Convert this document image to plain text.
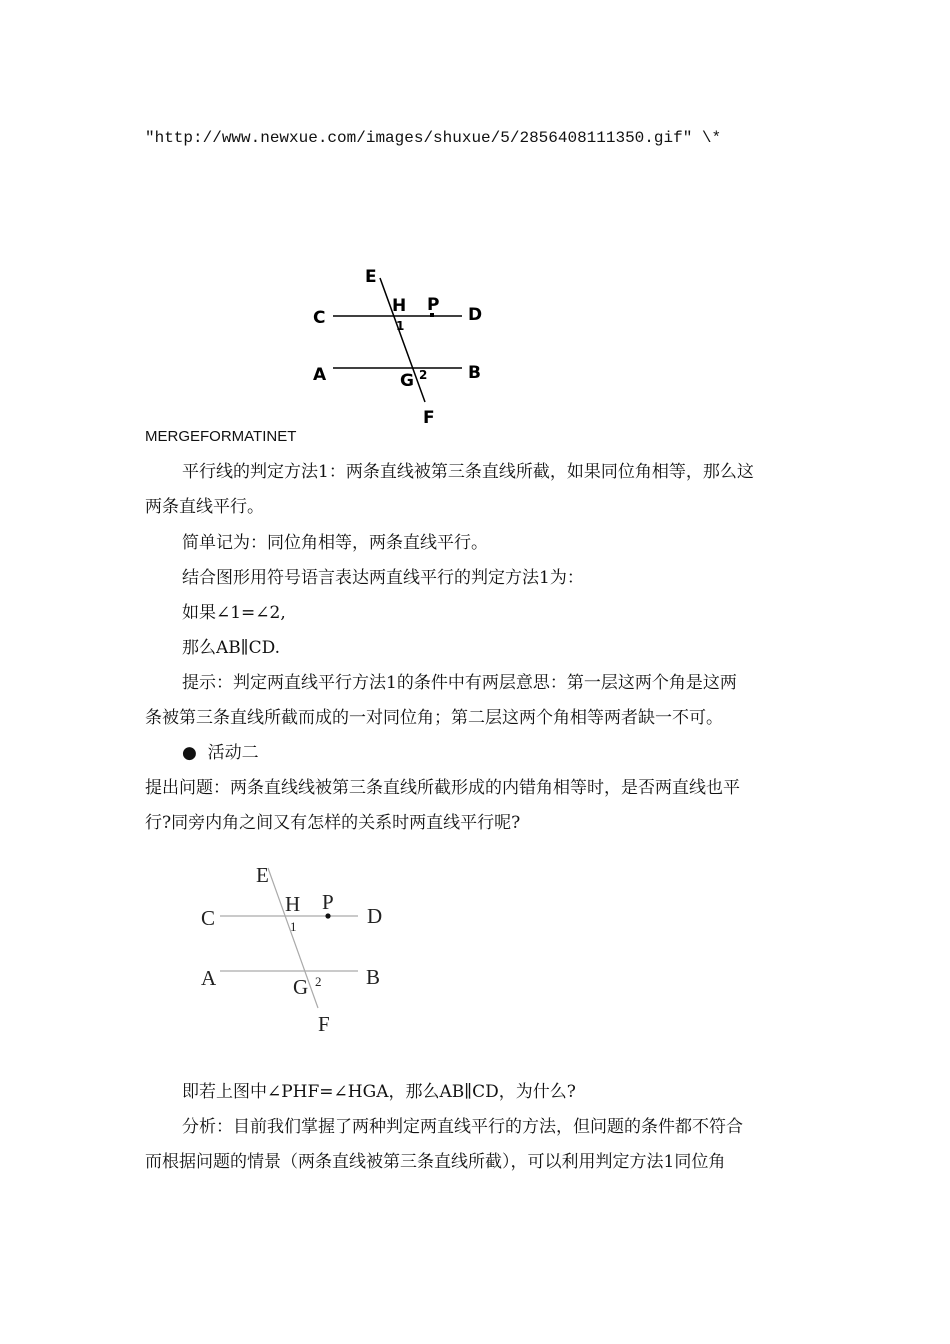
"http://www.newxue.com/images/shuxue/5/2856408111350.gif" \*
E
H P
C	D
1
A	G 2 B
F
MERGEFORMATINET
平行线的判定方法1：两条直线被第三条直线所截，如果同位角相等，那么这
两条直线平行。
简单记为：同位角相等，两条直线平行。
结合图形用符号语言表达两直线平行的判定方法1为：
如果∠1=∠2,
那么AB∥CD.
提示：判定两直线平行方法1的条件中有两层意思：第一层这两个角是这两
条被第三条直线所截而成的一对同位角；第二层这两个角相等两者缺一不可。
● 活动二
提出问题：两条直线线被第三条直线所截形成的内错角相等时，是否两直线也平
行?同旁内角之间又有怎样的关系时两直线平行呢?
E
H P
C	D
1
A	G 2 B
F
即若上图中∠PHF=∠HGA，那么AB∥CD，为什么?
分析：目前我们掌握了两种判定两直线平行的方法，但问题的条件都不符合
而根据问题的情景（两条直线被第三条直线所截），可以利用判定方法1同位角
